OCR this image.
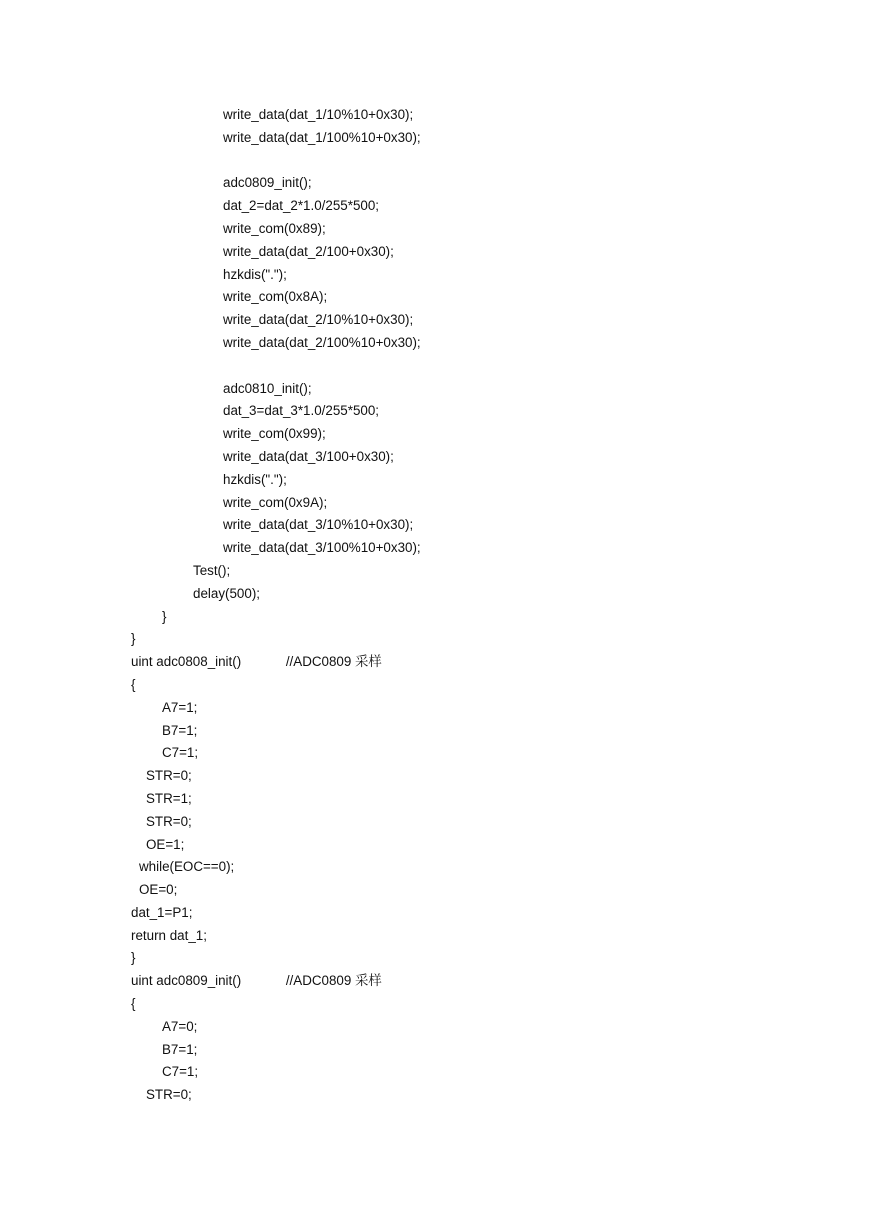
write_data(dat_1/10%10+0x30);
write_data(dat_1/100%10+0x30);

adc0809_init();
dat_2=dat_2*1.0/255*500;
write_com(0x89);
write_data(dat_2/100+0x30);
hzkdis(".");
write_com(0x8A);
write_data(dat_2/10%10+0x30);
write_data(dat_2/100%10+0x30);

adc0810_init();
dat_3=dat_3*1.0/255*500;
write_com(0x99);
write_data(dat_3/100+0x30);
hzkdis(".");
write_com(0x9A);
write_data(dat_3/10%10+0x30);
write_data(dat_3/100%10+0x30);
Test();
delay(500);
}
}
uint adc0808_init()            //ADC0809 采样
{
A7=1;
B7=1;
C7=1;
STR=0;
STR=1;
STR=0;
OE=1;
while(EOC==0);
OE=0;
dat_1=P1;
return dat_1;
}
uint adc0809_init()            //ADC0809 采样
{
A7=0;
B7=1;
C7=1;
STR=0;
